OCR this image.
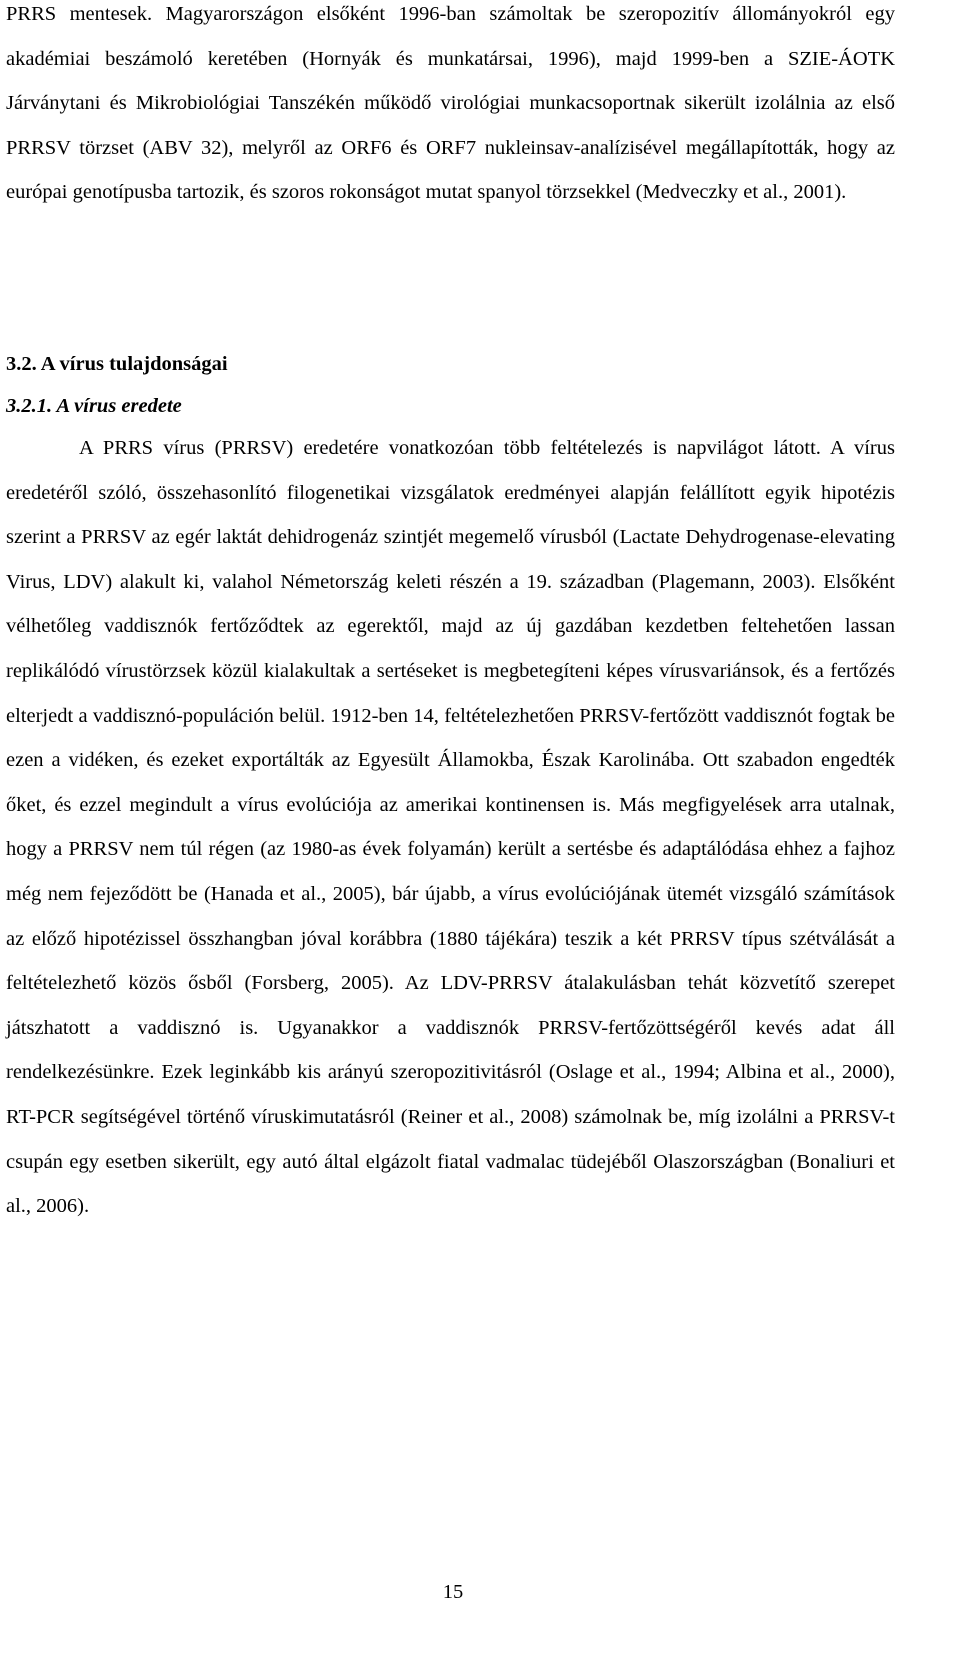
PRRS mentesek. Magyarországon elsőként 1996-ban számoltak be szeropozitív állományokról egy akadémiai beszámoló keretében (Hornyák és munkatársai, 1996), majd 1999-ben a SZIE-ÁOTK Járványtani és Mikrobiológiai Tanszékén működő virológiai munkacsoportnak sikerült izolálnia az első PRRSV törzset (ABV 32), melyről az ORF6 és ORF7 nukleinsav-analízisével megállapították, hogy az európai genotípusba tartozik, és szoros rokonságot mutat spanyol törzsekkel (Medveczky et al., 2001).

3.2. A vírus tulajdonságai
3.2.1. A vírus eredete

A PRRS vírus (PRRSV) eredetére vonatkozóan több feltételezés is napvilágot látott. A vírus eredetéről szóló, összehasonlító filogenetikai vizsgálatok eredményei alapján felállított egyik hipotézis szerint a PRRSV az egér laktát dehidrogenáz szintjét megemelő vírusból (Lactate Dehydrogenase-elevating Virus, LDV) alakult ki, valahol Németország keleti részén a 19. században (Plagemann, 2003). Elsőként vélhetőleg vaddisznók fertőződtek az egerektől, majd az új gazdában kezdetben feltehetően lassan replikálódó vírustörzsek közül kialakultak a sertéseket is megbetegíteni képes vírusvariánsok, és a fertőzés elterjedt a vaddisznó-populáción belül. 1912-ben 14, feltételezhetően PRRSV-fertőzött vaddisznót fogtak be ezen a vidéken, és ezeket exportálták az Egyesült Államokba, Észak Karolinába. Ott szabadon engedték őket, és ezzel megindult a vírus evolúciója az amerikai kontinensen is. Más megfigyelések arra utalnak, hogy a PRRSV nem túl régen (az 1980-as évek folyamán) került a sertésbe és adaptálódása ehhez a fajhoz még nem fejeződött be (Hanada et al., 2005), bár újabb, a vírus evolúciójának ütemét vizsgáló számítások az előző hipotézissel összhangban jóval korábbra (1880 tájékára) teszik a két PRRSV típus szétválását a feltételezhető közös ősből (Forsberg, 2005). Az LDV-PRRSV átalakulásban tehát közvetítő szerepet játszhatott a vaddisznó is. Ugyanakkor a vaddisznók PRRSV-fertőzöttségéről kevés adat áll rendelkezésünkre. Ezek leginkább kis arányú szeropozitivitásról (Oslage et al., 1994; Albina et al., 2000), RT-PCR segítségével történő víruskimutatásról (Reiner et al., 2008) számolnak be, míg izolálni a PRRSV-t csupán egy esetben sikerült, egy autó által elgázolt fiatal vadmalac tüdejéből Olaszországban (Bonaliuri et al., 2006).

15
